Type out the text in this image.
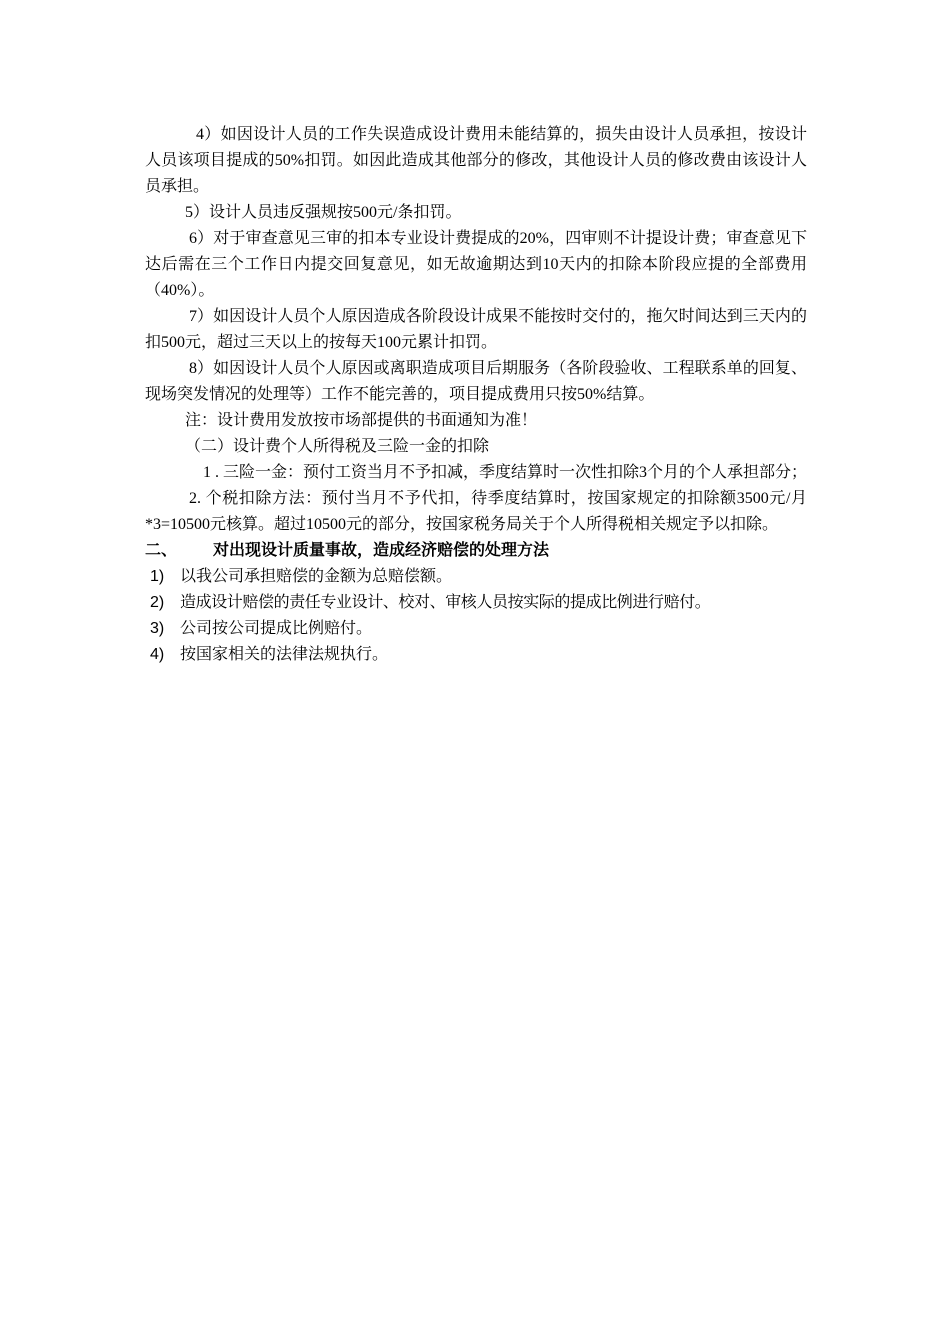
4）如因设计人员的工作失误造成设计费用未能结算的，损失由设计人员承担，按设计人员该项目提成的50%扣罚。如因此造成其他部分的修改，其他设计人员的修改费由该设计人员承担。

5）设计人员违反强规按500元/条扣罚。

6）对于审查意见三审的扣本专业设计费提成的20%，四审则不计提设计费；审查意见下达后需在三个工作日内提交回复意见，如无故逾期达到10天内的扣除本阶段应提的全部费用（40%）。

7）如因设计人员个人原因造成各阶段设计成果不能按时交付的，拖欠时间达到三天内的扣500元，超过三天以上的按每天100元累计扣罚。

8）如因设计人员个人原因或离职造成项目后期服务（各阶段验收、工程联系单的回复、现场突发情况的处理等）工作不能完善的，项目提成费用只按50%结算。

注：设计费用发放按市场部提供的书面通知为准！

（二）设计费个人所得税及三险一金的扣除

1 . 三险一金：预付工资当月不予扣减，季度结算时一次性扣除3个月的个人承担部分；

2. 个税扣除方法：预付当月不予代扣，待季度结算时，按国家规定的扣除额3500元/月*3=10500元核算。超过10500元的部分，按国家税务局关于个人所得税相关规定予以扣除。

二、	对出现设计质量事故，造成经济赔偿的处理方法
1) 以我公司承担赔偿的金额为总赔偿额。
2) 造成设计赔偿的责任专业设计、校对、审核人员按实际的提成比例进行赔付。
3) 公司按公司提成比例赔付。
4) 按国家相关的法律法规执行。
